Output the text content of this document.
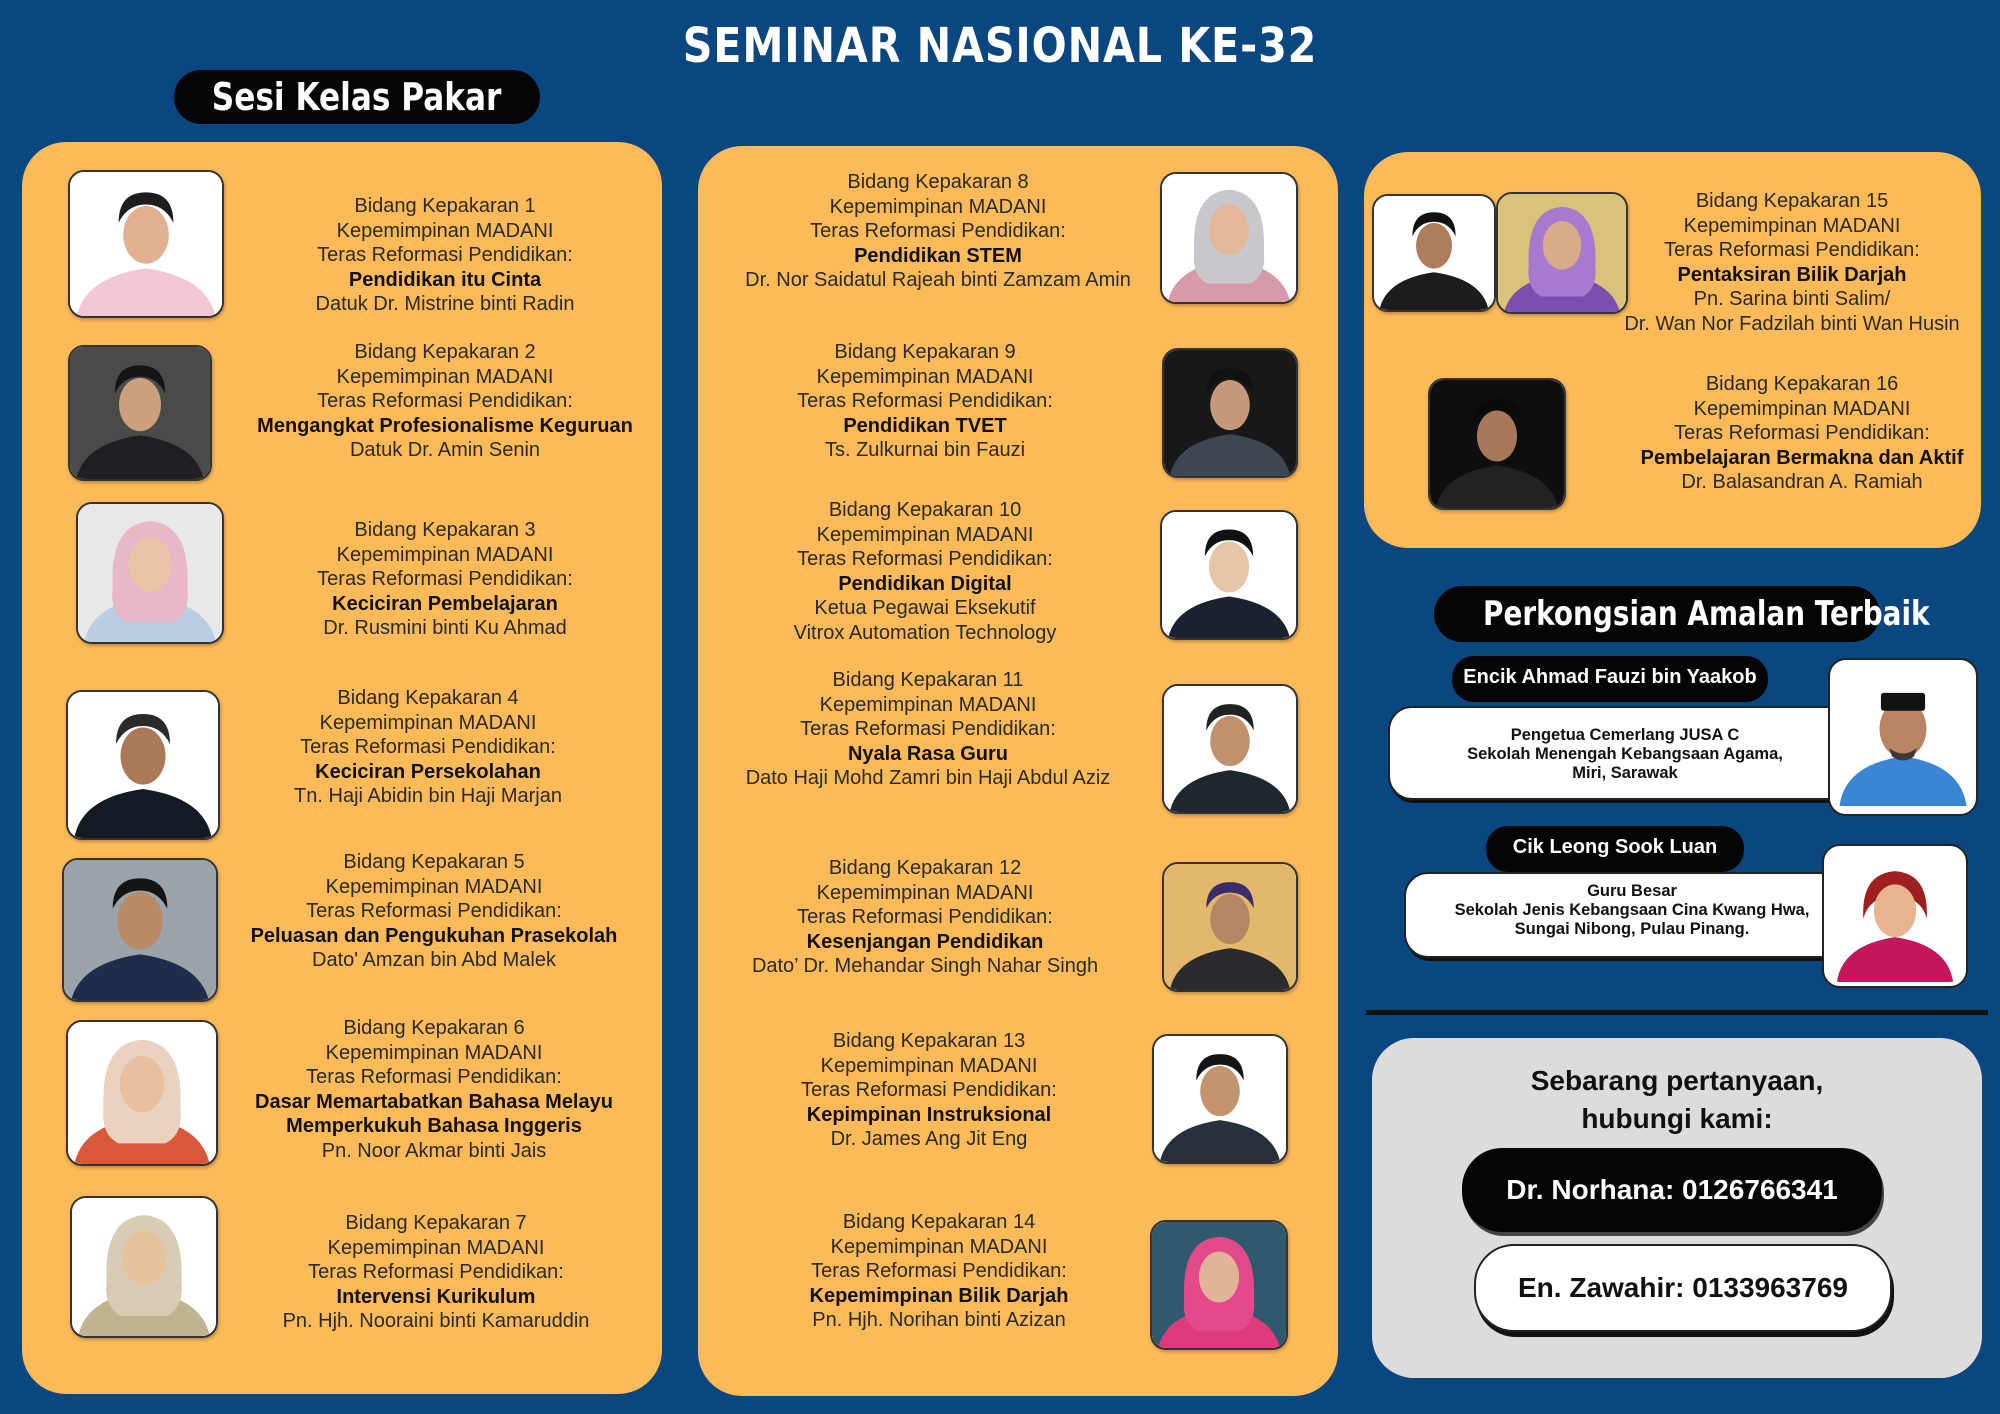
SEMINAR NASIONAL KE-32
Sesi Kelas Pakar
Bidang Kepakaran 1
Kepemimpinan MADANI
Teras Reformasi Pendidikan:
Pendidikan itu Cinta
Datuk Dr. Mistrine binti Radin
Bidang Kepakaran 2
Kepemimpinan MADANI
Teras Reformasi Pendidikan:
Mengangkat Profesionalisme Keguruan
Datuk Dr. Amin Senin
Bidang Kepakaran 3
Kepemimpinan MADANI
Teras Reformasi Pendidikan:
Keciciran Pembelajaran
Dr. Rusmini binti Ku Ahmad
Bidang Kepakaran 4
Kepemimpinan MADANI
Teras Reformasi Pendidikan:
Keciciran Persekolahan
Tn. Haji Abidin bin Haji Marjan
Bidang Kepakaran 5
Kepemimpinan MADANI
Teras Reformasi Pendidikan:
Peluasan dan Pengukuhan Prasekolah
Dato' Amzan bin Abd Malek
Bidang Kepakaran 6
Kepemimpinan MADANI
Teras Reformasi Pendidikan:
Dasar Memartabatkan Bahasa Melayu
Memperkukuh Bahasa Inggeris
Pn. Noor Akmar binti Jais
Bidang Kepakaran 7
Kepemimpinan MADANI
Teras Reformasi Pendidikan:
Intervensi Kurikulum
Pn. Hjh. Nooraini binti Kamaruddin
Bidang Kepakaran 8
Kepemimpinan MADANI
Teras Reformasi Pendidikan:
Pendidikan STEM
Dr. Nor Saidatul Rajeah binti Zamzam Amin
Bidang Kepakaran 9
Kepemimpinan MADANI
Teras Reformasi Pendidikan:
Pendidikan TVET
Ts. Zulkurnai bin Fauzi
Bidang Kepakaran 10
Kepemimpinan MADANI
Teras Reformasi Pendidikan:
Pendidikan Digital
Ketua Pegawai Eksekutif
Vitrox Automation Technology
Bidang Kepakaran 11
Kepemimpinan MADANI
Teras Reformasi Pendidikan:
Nyala Rasa Guru
Dato Haji Mohd Zamri bin Haji Abdul Aziz
Bidang Kepakaran 12
Kepemimpinan MADANI
Teras Reformasi Pendidikan:
Kesenjangan Pendidikan
Dato’ Dr. Mehandar Singh Nahar Singh
Bidang Kepakaran 13
Kepemimpinan MADANI
Teras Reformasi Pendidikan:
Kepimpinan Instruksional
Dr. James Ang Jit Eng
Bidang Kepakaran 14
Kepemimpinan MADANI
Teras Reformasi Pendidikan:
Kepemimpinan Bilik Darjah
Pn. Hjh. Norihan binti Azizan
Bidang Kepakaran 15
Kepemimpinan MADANI
Teras Reformasi Pendidikan:
Pentaksiran Bilik Darjah
Pn. Sarina binti Salim/
Dr. Wan Nor Fadzilah binti Wan Husin
Bidang Kepakaran 16
Kepemimpinan MADANI
Teras Reformasi Pendidikan:
Pembelajaran Bermakna dan Aktif
Dr. Balasandran A. Ramiah
Perkongsian Amalan Terbaik
Pengetua Cemerlang JUSA C
Sekolah Menengah Kebangsaan Agama,
Miri, Sarawak
Encik Ahmad Fauzi bin Yaakob
Guru Besar
Sekolah Jenis Kebangsaan Cina Kwang Hwa,
Sungai Nibong, Pulau Pinang.
Cik Leong Sook Luan
Sebarang pertanyaan,
hubungi kami:
Dr. Norhana: 0126766341
En. Zawahir: 0133963769
